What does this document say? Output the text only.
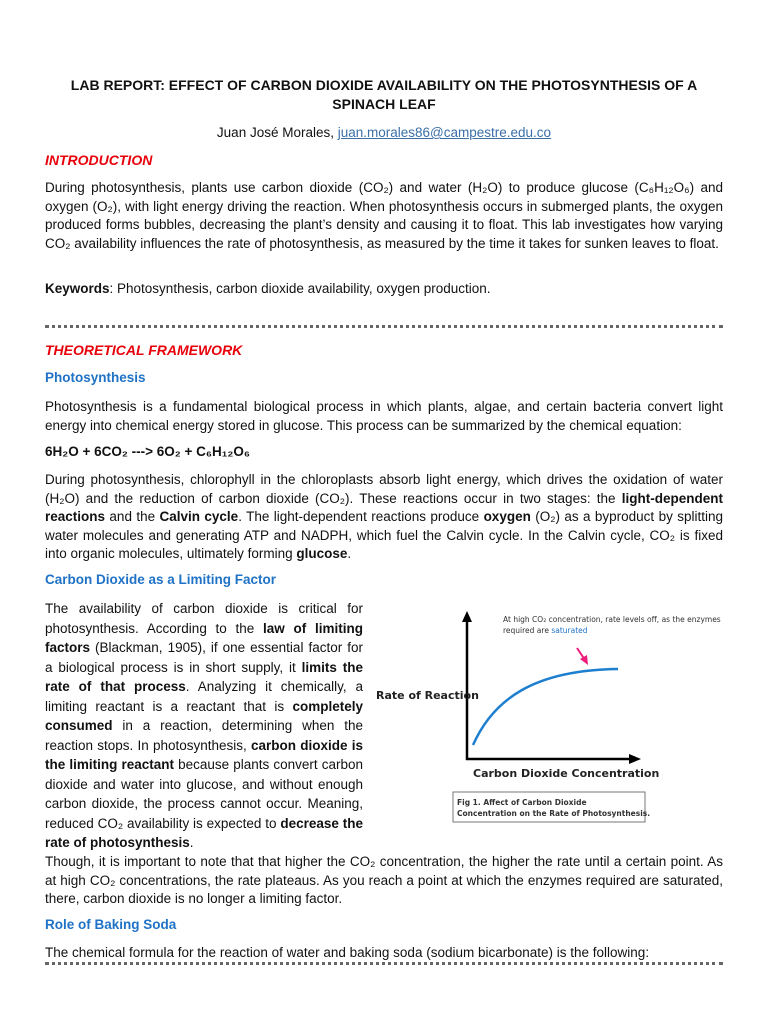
LAB REPORT: EFFECT OF CARBON DIOXIDE AVAILABILITY ON THE PHOTOSYNTHESIS OF A SPINACH LEAF
Juan José Morales, juan.morales86@campestre.edu.co
INTRODUCTION
During photosynthesis, plants use carbon dioxide (CO₂) and water (H₂O) to produce glucose (C₆H₁₂O₆) and oxygen (O₂), with light energy driving the reaction. When photosynthesis occurs in submerged plants, the oxygen produced forms bubbles, decreasing the plant’s density and causing it to float. This lab investigates how varying CO₂ availability influences the rate of photosynthesis, as measured by the time it takes for sunken leaves to float.
Keywords: Photosynthesis, carbon dioxide availability, oxygen production.
THEORETICAL FRAMEWORK
Photosynthesis
Photosynthesis is a fundamental biological process in which plants, algae, and certain bacteria convert light energy into chemical energy stored in glucose. This process can be summarized by the chemical equation:
6H₂O + 6CO₂ ---> 6O₂ + C₆H₁₂O₆
During photosynthesis, chlorophyll in the chloroplasts absorb light energy, which drives the oxidation of water (H₂O) and the reduction of carbon dioxide (CO₂). These reactions occur in two stages: the light-dependent reactions and the Calvin cycle. The light-dependent reactions produce oxygen (O₂) as a byproduct by splitting water molecules and generating ATP and NADPH, which fuel the Calvin cycle. In the Calvin cycle, CO₂ is fixed into organic molecules, ultimately forming glucose.
Carbon Dioxide as a Limiting Factor
The availability of carbon dioxide is critical for photosynthesis. According to the law of limiting factors (Blackman, 1905), if one essential factor for a biological process is in short supply, it limits the rate of that process. Analyzing it chemically, a limiting reactant is a reactant that is completely consumed in a reaction, determining when the reaction stops. In photosynthesis, carbon dioxide is the limiting reactant because plants convert carbon dioxide and water into glucose, and without enough carbon dioxide, the process cannot occur. Meaning, reduced CO₂ availability is expected to decrease the rate of photosynthesis.
At high CO₂ concentration, rate levels off, as the enzymes
required are saturated
Rate of Reaction
Carbon Dioxide Concentration
Fig 1. Affect of Carbon Dioxide
Concentration on the Rate of Photosynthesis.
Though, it is important to note that that higher the CO₂ concentration, the higher the rate until a certain point. As at high CO₂ concentrations, the rate plateaus. As you reach a point at which the enzymes required are saturated, there, carbon dioxide is no longer a limiting factor.
Role of Baking Soda
The chemical formula for the reaction of water and baking soda (sodium bicarbonate) is the following:
